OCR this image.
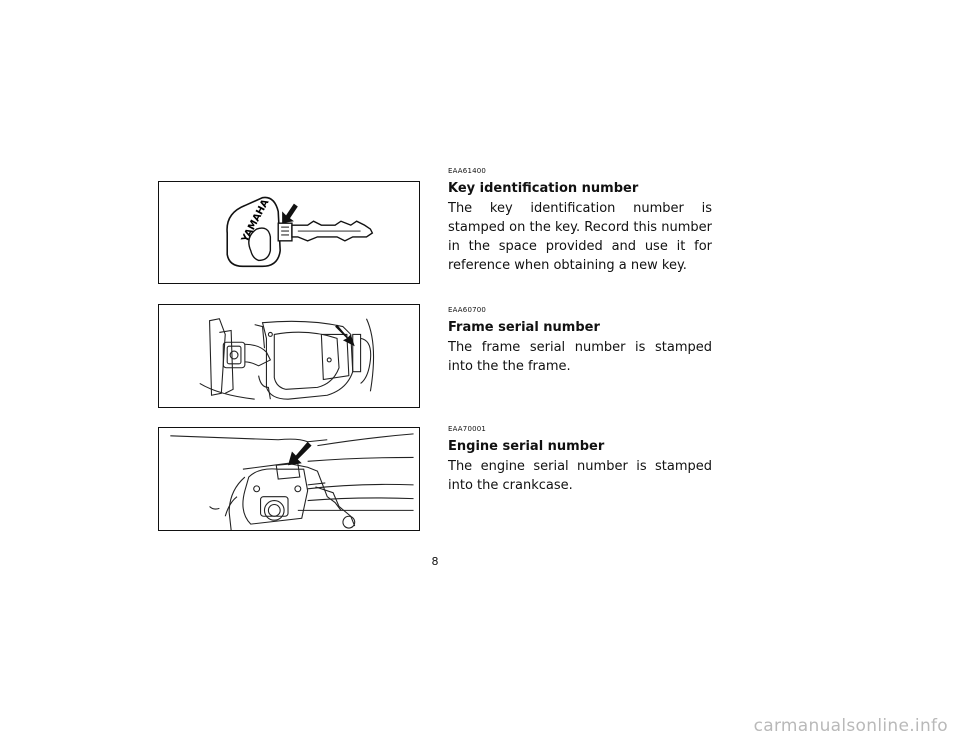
YAMAHA

EAA61400

Key identification number

The key identification number is stamped on the key. Record this number in the space provided and use it for reference when obtaining a new key.

EAA60700

Frame serial number

The frame serial number is stamped into the the frame.

EAA70001

Engine serial number

The engine serial number is stamped into the crankcase.

8
carmanualsonline.info
